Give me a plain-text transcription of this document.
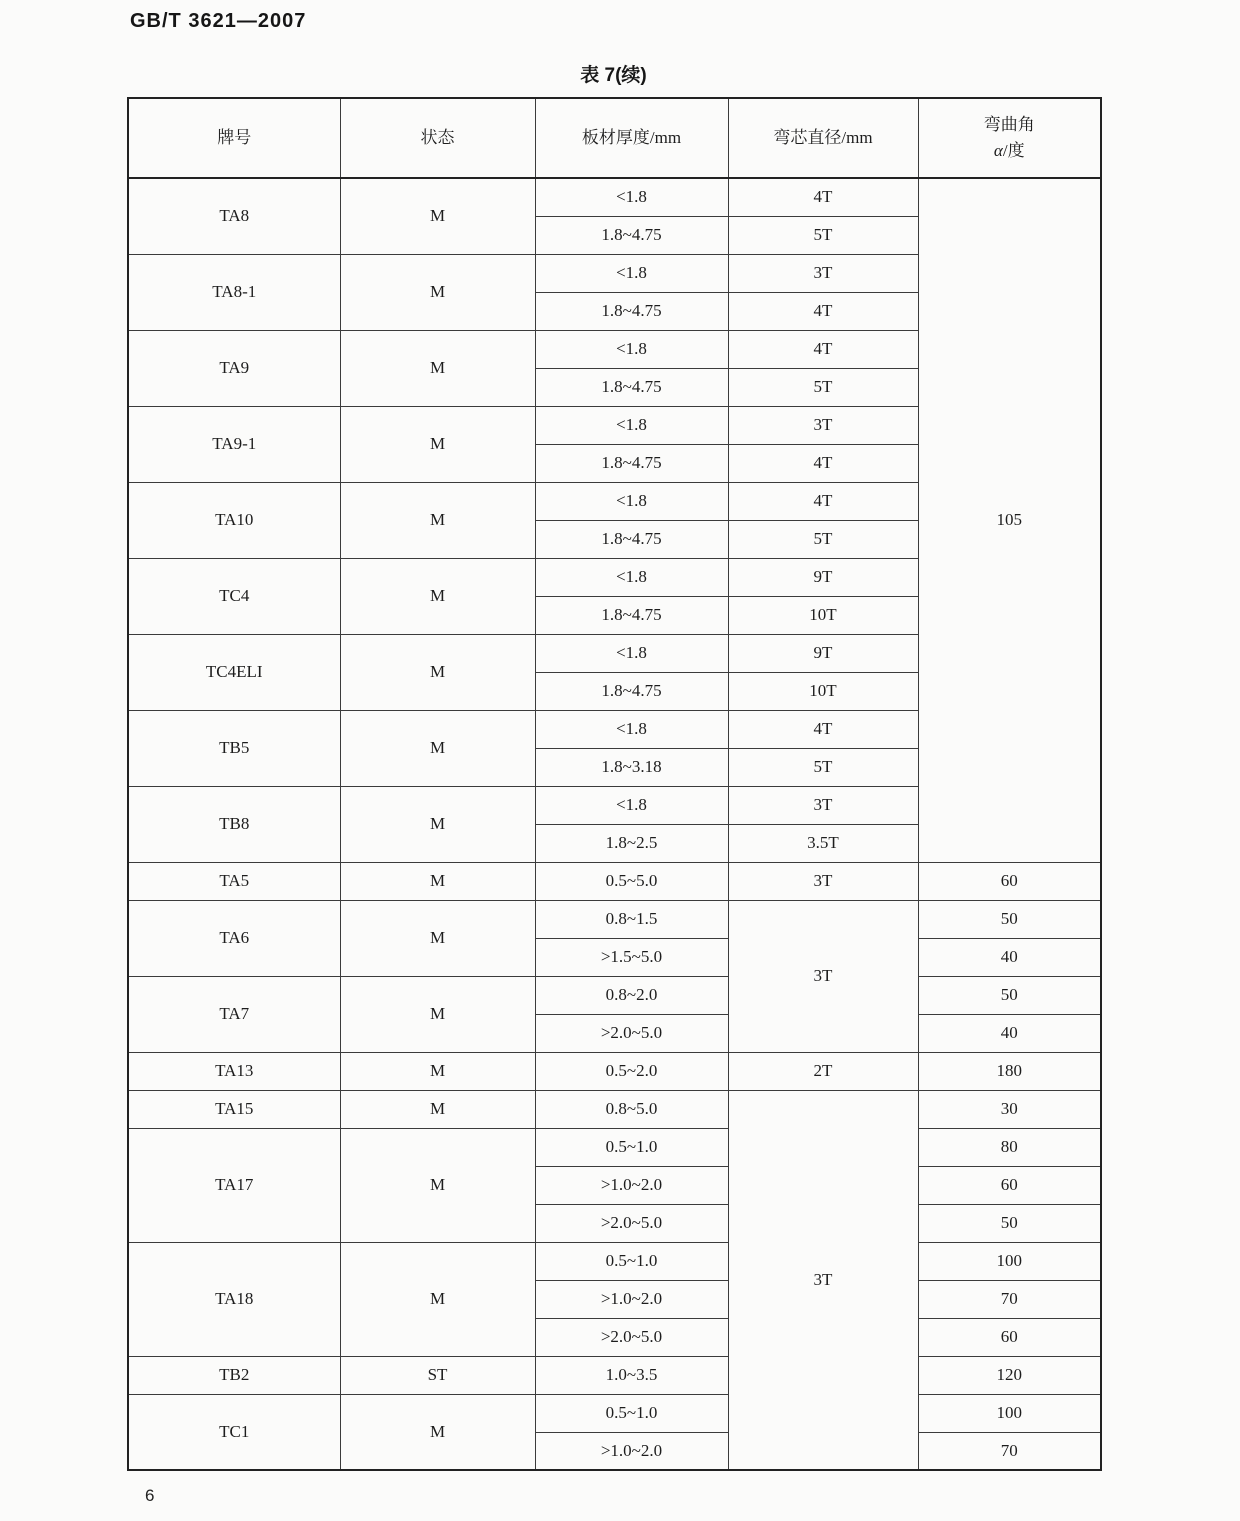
GB/T 3621—2007
表 7(续)
牌号	状态	板材厚度/mm	弯芯直径/mm	弯曲角
α/度

TA8	M	<1.8	4T	105
		1.8~4.75	5T	
TA8-1	M	<1.8	3T	
		1.8~4.75	4T	
TA9	M	<1.8	4T	
		1.8~4.75	5T	
TA9-1	M	<1.8	3T	
		1.8~4.75	4T	
TA10	M	<1.8	4T	
		1.8~4.75	5T	
TC4	M	<1.8	9T	
		1.8~4.75	10T	
TC4ELI	M	<1.8	9T	
		1.8~4.75	10T	
TB5	M	<1.8	4T	
		1.8~3.18	5T	
TB8	M	<1.8	3T	
		1.8~2.5	3.5T	
TA5	M	0.5~5.0	3T	60
TA6	M	0.8~1.5	3T	50
		>1.5~5.0		40
TA7	M	0.8~2.0		50
		>2.0~5.0		40
TA13	M	0.5~2.0	2T	180
TA15	M	0.8~5.0	3T	30
TA17	M	0.5~1.0		80
		>1.0~2.0		60
		>2.0~5.0		50
TA18	M	0.5~1.0		100
		>1.0~2.0		70
		>2.0~5.0		60
TB2	ST	1.0~3.5		120
TC1	M	0.5~1.0		100
		>1.0~2.0		70
6
